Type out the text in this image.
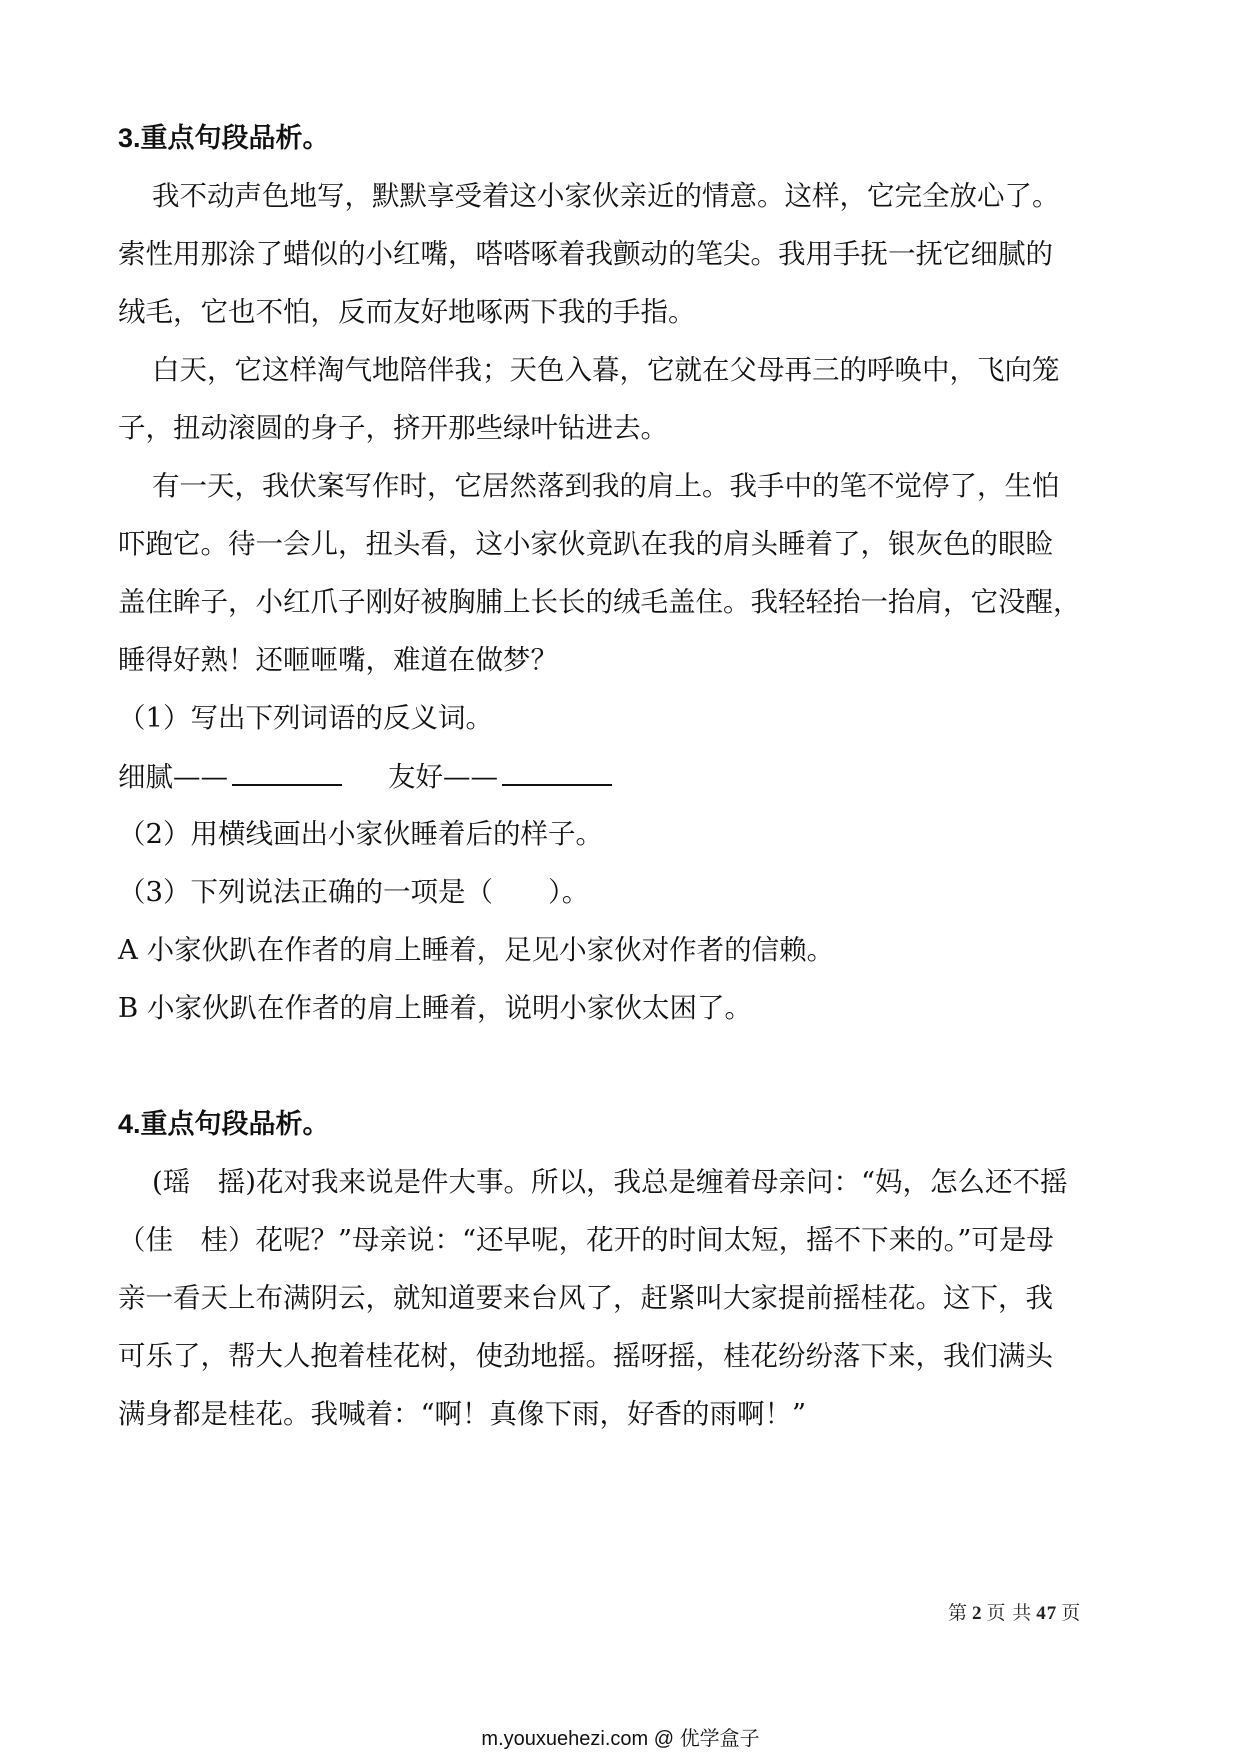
3.重点句段品析。
我不动声色地写，默默享受着这小家伙亲近的情意。这样，它完全放心了。
索性用那涂了蜡似的小红嘴，嗒嗒啄着我颤动的笔尖。我用手抚一抚它细腻的
绒毛，它也不怕，反而友好地啄两下我的手指。
白天，它这样淘气地陪伴我；天色入暮，它就在父母再三的呼唤中，飞向笼
子，扭动滚圆的身子，挤开那些绿叶钻进去。
有一天，我伏案写作时，它居然落到我的肩上。我手中的笔不觉停了，生怕
吓跑它。待一会儿，扭头看，这小家伙竟趴在我的肩头睡着了，银灰色的眼睑
盖住眸子，小红爪子刚好被胸脯上长长的绒毛盖住。我轻轻抬一抬肩，它没醒，
睡得好熟！还咂咂嘴，难道在做梦？
（1）写出下列词语的反义词。
细腻——	友好——
（2）用横线画出小家伙睡着后的样子。
（3）下列说法正确的一项是（　　）。
A 小家伙趴在作者的肩上睡着，足见小家伙对作者的信赖。
B 小家伙趴在作者的肩上睡着，说明小家伙太困了。
4.重点句段品析。
(瑶　摇)花对我来说是件大事。所以，我总是缠着母亲问：“妈，怎么还不摇
（佳　桂）花呢？”母亲说：“还早呢，花开的时间太短，摇不下来的。”可是母
亲一看天上布满阴云，就知道要来台风了，赶紧叫大家提前摇桂花。这下，我
可乐了，帮大人抱着桂花树，使劲地摇。摇呀摇，桂花纷纷落下来，我们满头
满身都是桂花。我喊着：“啊！真像下雨，好香的雨啊！”
第 2 页 共 47 页
m.youxuehezi.com @ 优学盒子
